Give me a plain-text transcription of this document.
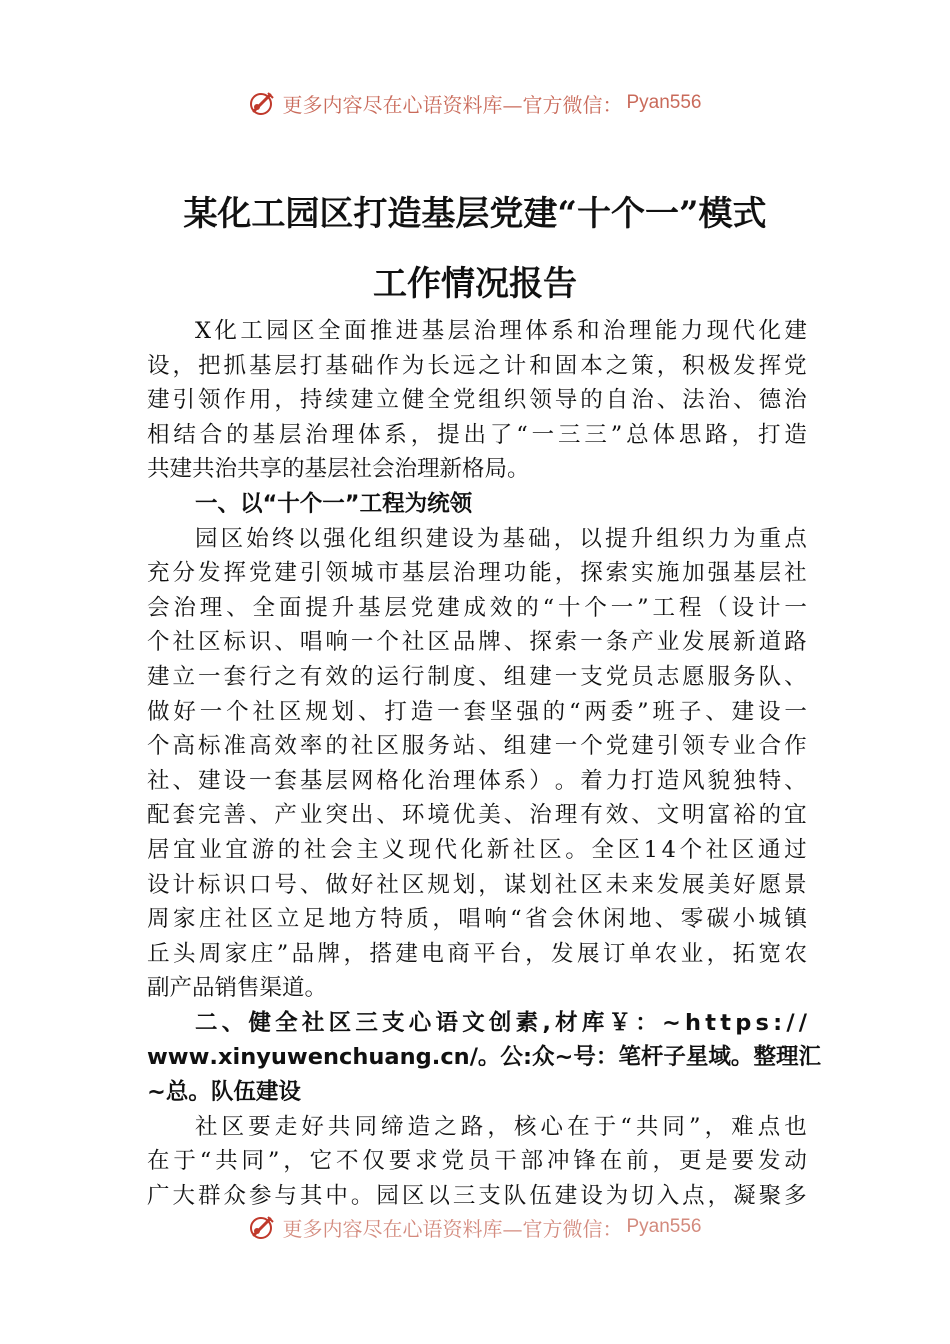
更多内容尽在心语资料库—官方微信： Pyan556
某化工园区打造基层党建“十个一”模式
工作情况报告
X 化 工 园 区 全 面 推 进 基 层 治 理 体 系 和 治 理 能 力 现 代 化 建
设 ， 把 抓 基 层 打 基 础 作 为 长 远 之 计 和 固 本 之 策 ， 积 极 发 挥 党
建 引 领 作 用 ， 持 续 建 立 健 全 党 组 织 领 导 的 自 治 、 法 治 、 德 治
相 结 合 的 基 层 治 理 体 系 ， 提 出 了 “ 一 三 三 ” 总 体 思 路 ， 打 造
共建共治共享的基层社会治理新格局。
一、以“十个一”工程为统领
园 区 始 终 以 强 化 组 织 建 设 为 基 础 ， 以 提 升 组 织 力 为 重 点
充 分 发 挥 党 建 引 领 城 市 基 层 治 理 功 能 ， 探 索 实 施 加 强 基 层 社
会 治 理 、 全 面 提 升 基 层 党 建 成 效 的 “ 十 个 一 ” 工 程 （ 设 计 一
个 社 区 标 识 、 唱 响 一 个 社 区 品 牌 、 探 索 一 条 产 业 发 展 新 道 路
建 立 一 套 行 之 有 效 的 运 行 制 度 、 组 建 一 支 党 员 志 愿 服 务 队 、
做 好 一 个 社 区 规 划 、 打 造 一 套 坚 强 的 “ 两 委 ” 班 子 、 建 设 一
个 高 标 准 高 效 率 的 社 区 服 务 站 、 组 建 一 个 党 建 引 领 专 业 合 作
社 、 建 设 一 套 基 层 网 格 化 治 理 体 系 ） 。 着 力 打 造 风 貌 独 特 、
配 套 完 善 、 产 业 突 出 、 环 境 优 美 、 治 理 有 效 、 文 明 富 裕 的 宜
居 宜 业 宜 游 的 社 会 主 义 现 代 化 新 社 区 。 全 区 1 4 个 社 区 通 过
设 计 标 识 口 号 、 做 好 社 区 规 划 ， 谋 划 社 区 未 来 发 展 美 好 愿 景
周 家 庄 社 区 立 足 地 方 特 质 ， 唱 响 “ 省 会 休 闲 地 、 零 碳 小 城 镇
丘 头 周 家 庄 ” 品 牌 ， 搭 建 电 商 平 台 ， 发 展 订 单 农 业 ， 拓 宽 农
副产品销售渠道。
二 、 健 全 社 区 三 支 心 语 文 创 素 , 材 库 ￥ ： ~ h t t p s : / /
w w w . x i n y u w e n c h u a n g . c n / 。 公 : 众 ~ 号 ： 笔 杆 子 星 域 。 整 理 汇
~总。队伍建设
社 区 要 走 好 共 同 缔 造 之 路 ， 核 心 在 于 “ 共 同 ” ， 难 点 也
在 于 “ 共 同 ” ， 它 不 仅 要 求 党 员 干 部 冲 锋 在 前 ， 更 是 要 发 动
广 大 群 众 参 与 其 中 。 园 区 以 三 支 队 伍 建 设 为 切 入 点 ， 凝 聚 多
更多内容尽在心语资料库—官方微信： Pyan556
